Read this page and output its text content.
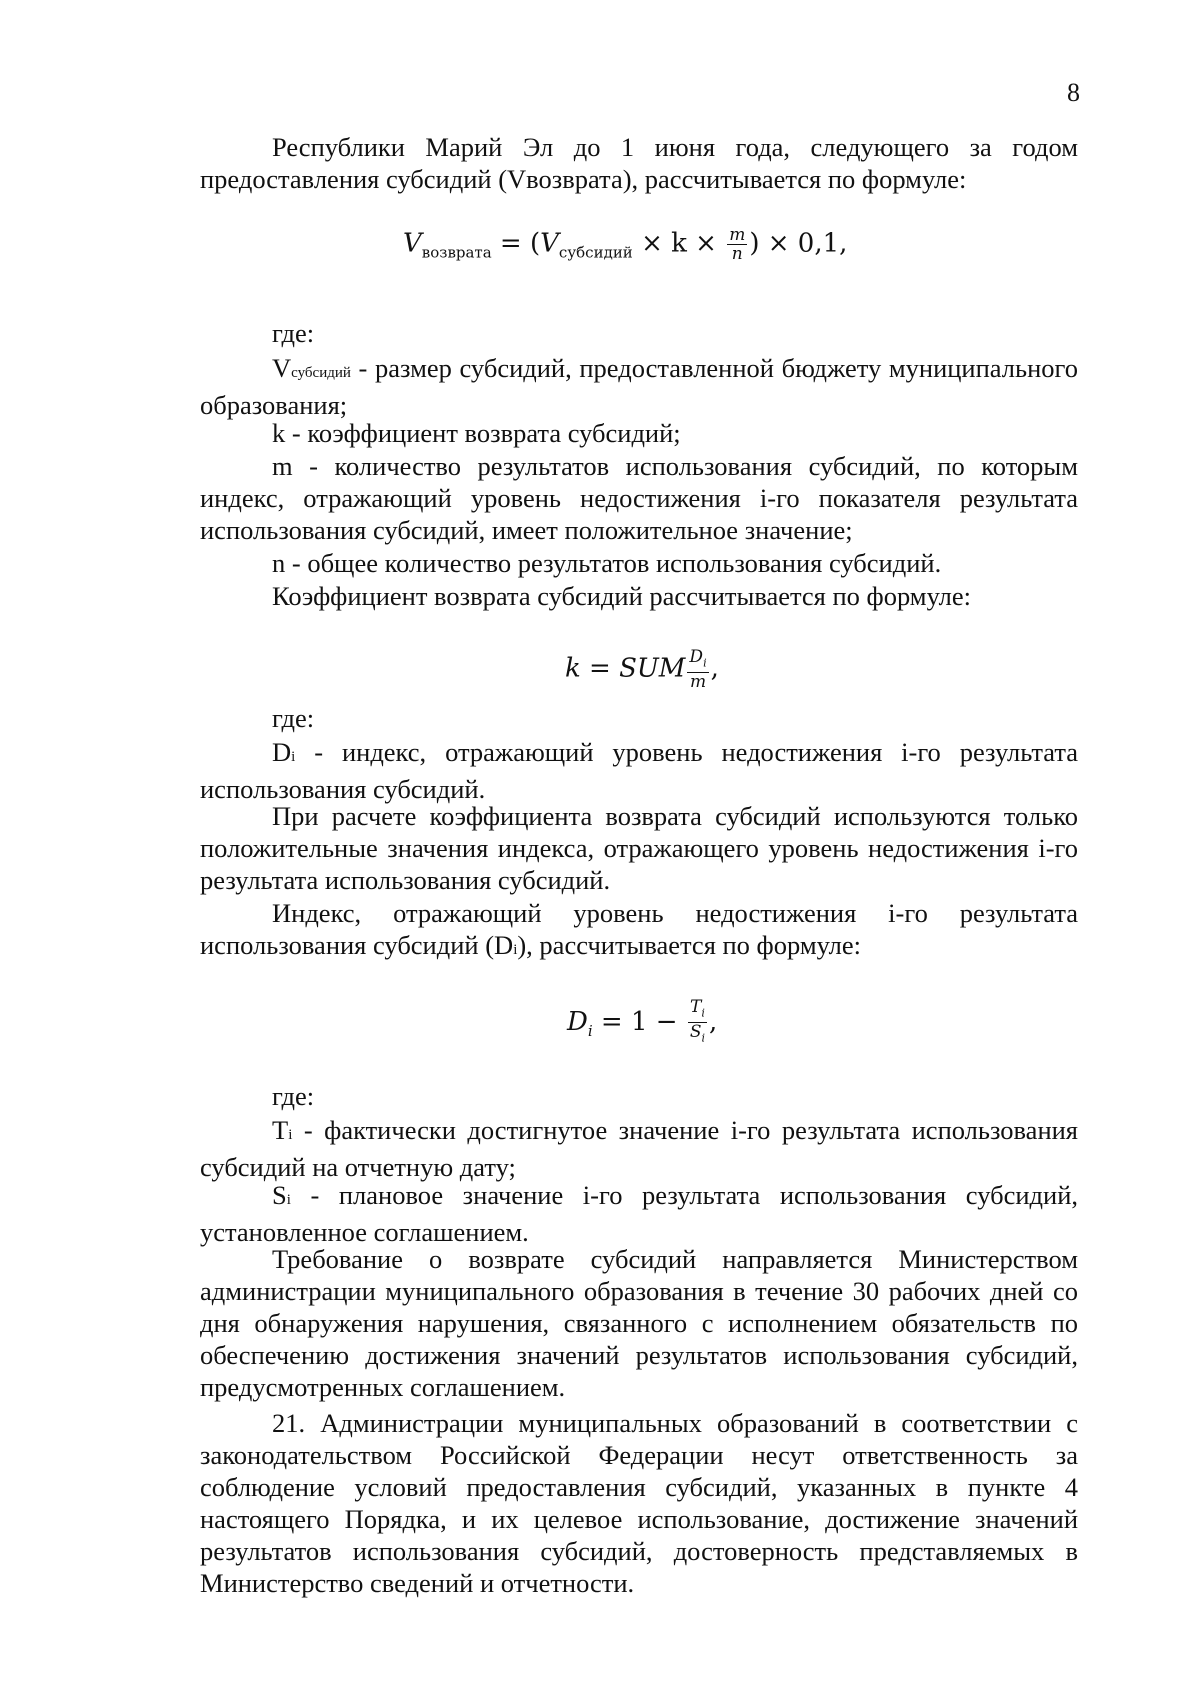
8
Республики Марий Эл до 1 июня года, следующего за годом предоставления субсидий (Vвозврата), рассчитывается по формуле:
$V_{возврата} = (V_{субсидий} \times k \times \frac{m}{n}$ ) × 0,1,
где:
Vсубсидий - размер субсидий, предоставленной бюджету муниципального образования;
k - коэффициент возврата субсидий;
m - количество результатов использования субсидий, по которым индекс, отражающий уровень недостижения i-го показателя результата использования субсидий, имеет положительное значение;
n - общее количество результатов использования субсидий.
Коэффициент возврата субсидий рассчитывается по формуле:
k = SUM $\frac{D_i}{m}$ ,
где:
Di - индекс, отражающий уровень недостижения i-го результата использования субсидий.
При расчете коэффициента возврата субсидий используются только положительные значения индекса, отражающего уровень недостижения i-го результата использования субсидий.
Индекс, отражающий уровень недостижения i-го результата использования субсидий (Di), рассчитывается по формуле:
$D_i = 1 - \frac{T_i}{S_i}$ ,
где:
Ti - фактически достигнутое значение i-го результата использования субсидий на отчетную дату;
Si - плановое значение i-го результата использования субсидий, установленное соглашением.
Требование о возврате субсидий направляется Министерством администрации муниципального образования в течение 30 рабочих дней со дня обнаружения нарушения, связанного с исполнением обязательств по обеспечению достижения значений результатов использования субсидий, предусмотренных соглашением.
21. Администрации муниципальных образований в соответствии с законодательством Российской Федерации несут ответственность за соблюдение условий предоставления субсидий, указанных в пункте 4 настоящего Порядка, и их целевое использование, достижение значений результатов использования субсидий, достоверность представляемых в Министерство сведений и отчетности.
